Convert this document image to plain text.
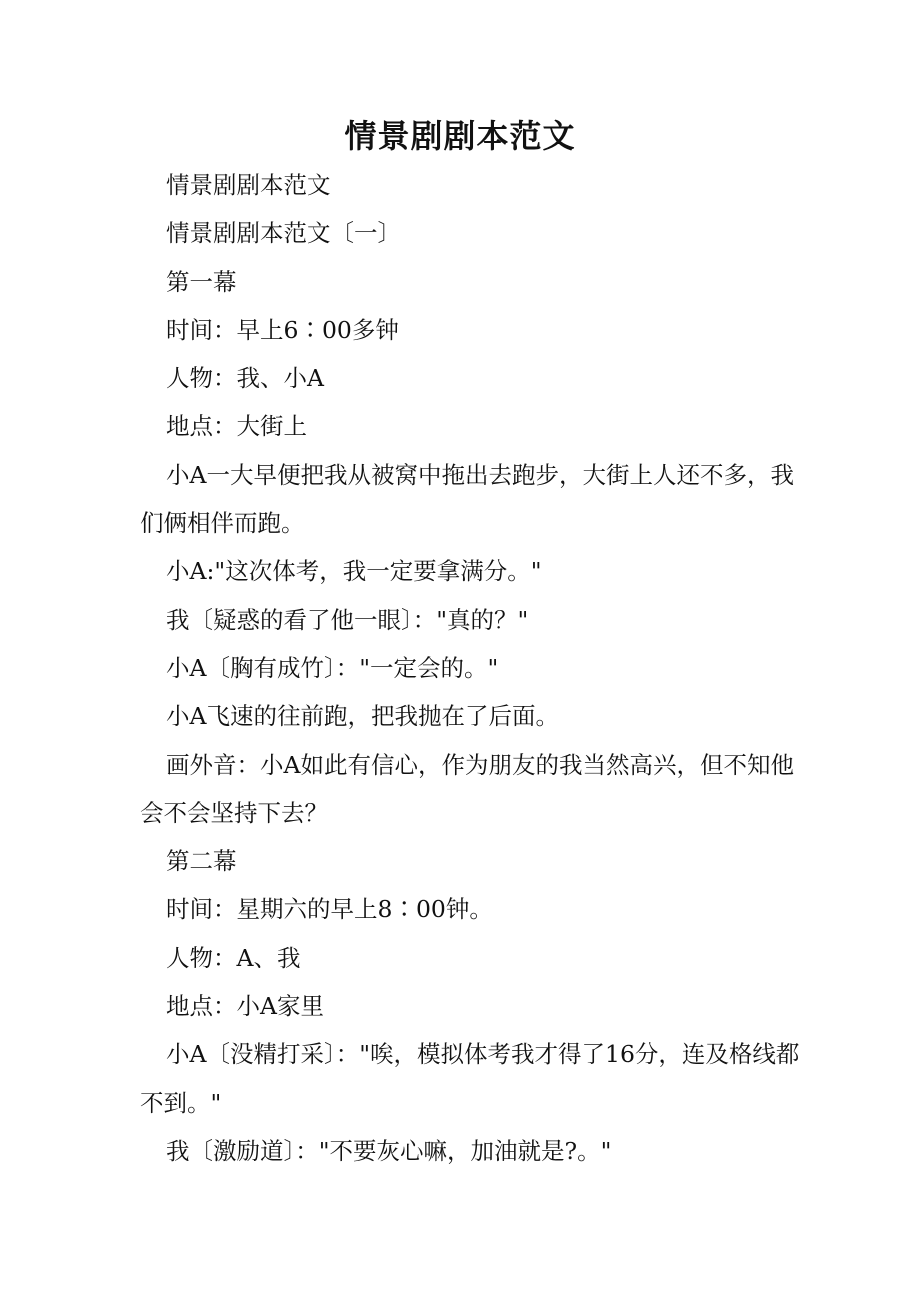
情景剧剧本范文

情景剧剧本范文

情景剧剧本范文〔一〕

第一幕

时间：早上6∶00多钟

人物：我、小A

地点：大街上

小A一大早便把我从被窝中拖出去跑步，大街上人还不多，我们俩相伴而跑。

小A:"这次体考，我一定要拿满分。"

我〔疑惑的看了他一眼〕："真的？"

小A〔胸有成竹〕："一定会的。"

小A飞速的往前跑，把我抛在了后面。

画外音：小A如此有信心，作为朋友的我当然高兴，但不知他会不会坚持下去？

第二幕

时间：星期六的早上8∶00钟。

人物：A、我

地点：小A家里

小A〔没精打采〕："唉，模拟体考我才得了16分，连及格线都不到。"

我〔激励道〕："不要灰心嘛，加油就是?。"
